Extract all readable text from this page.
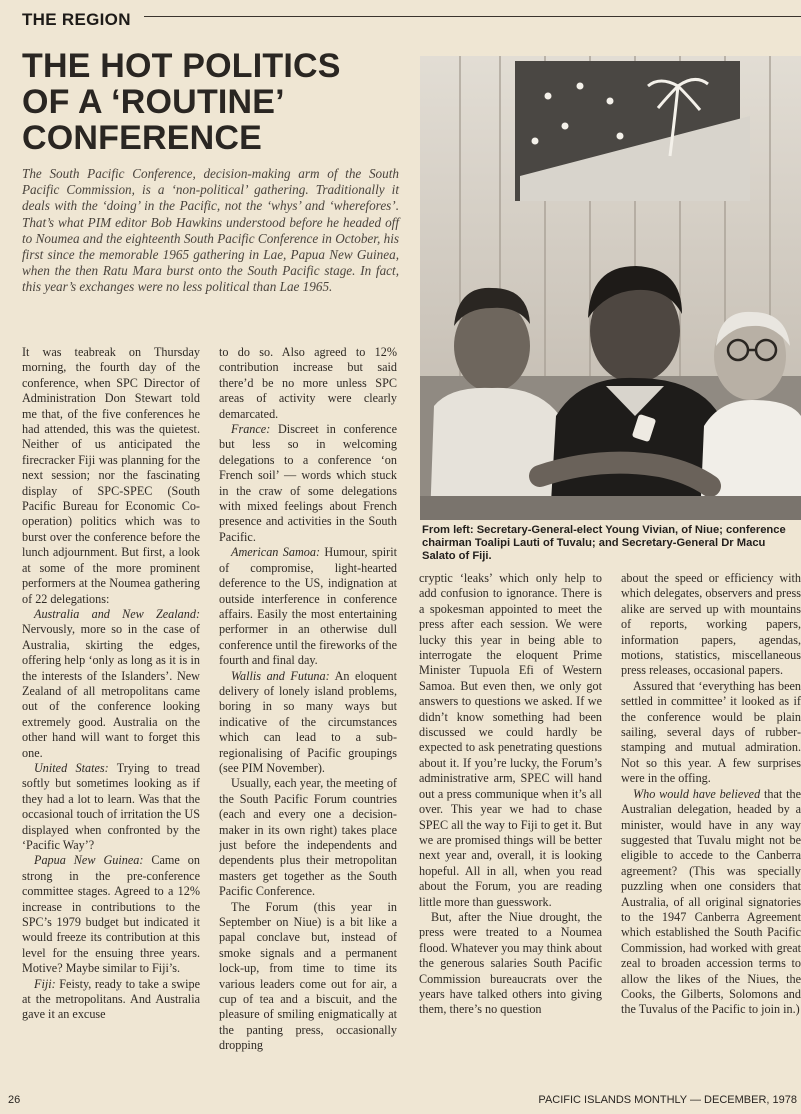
THE REGION
THE HOT POLITICS
OF A ‘ROUTINE’
CONFERENCE
The South Pacific Conference, decision-making arm of the South Pacific Commission, is a ‘non-political’ gathering. Traditionally it deals with the ‘doing’ in the Pacific, not the ‘whys’ and ‘wherefores’. That’s what PIM editor Bob Hawkins understood before he headed off to Noumea and the eighteenth South Pacific Conference in October, his first since the memorable 1965 gathering in Lae, Papua New Guinea, when the then Ratu Mara burst onto the South Pacific stage. In fact, this year’s exchanges were no less political than Lae 1965.
From left: Secretary-General-elect Young Vivian, of Niue; conference chairman Toalipi Lauti of Tuvalu; and Secretary-General Dr Macu Salato of Fiji.

It was teabreak on Thursday morning, the fourth day of the conference, when SPC Director of Administration Don Stewart told me that, of the five conferences he had attended, this was the quietest. Neither of us anticipated the firecracker Fiji was planning for the next session; nor the fascinating display of SPC-SPEC (South Pacific Bureau for Economic Co-operation) politics which was to burst over the conference before the lunch adjournment. But first, a look at some of the more prominent performers at the Noumea gathering of 22 delegations:

Australia and New Zealand: Nervously, more so in the case of Australia, skirting the edges, offering help ‘only as long as it is in the interests of the Islanders’. New Zealand of all metropolitans came out of the conference looking extremely good. Australia on the other hand will want to forget this one.

United States: Trying to tread softly but sometimes looking as if they had a lot to learn. Was that the occasional touch of irritation the US displayed when confronted by the ‘Pacific Way’?

Papua New Guinea: Came on strong in the pre-conference committee stages. Agreed to a 12% increase in contributions to the SPC’s 1979 budget but indicated it would freeze its contribution at this level for the ensuing three years. Motive? Maybe similar to Fiji’s.

Fiji: Feisty, ready to take a swipe at the metropolitans. And Australia gave it an excuse

to do so. Also agreed to 12% contribution increase but said there’d be no more unless SPC areas of activity were clearly demarcated.

France: Discreet in conference but less so in welcoming delegations to a conference ‘on French soil’ — words which stuck in the craw of some delegations with mixed feelings about French presence and activities in the South Pacific.

American Samoa: Humour, spirit of compromise, light-hearted deference to the US, indignation at outside interference in conference affairs. Easily the most entertaining performer in an otherwise dull conference until the fireworks of the fourth and final day.

Wallis and Futuna: An eloquent delivery of lonely island problems, boring in so many ways but indicative of the circumstances which can lead to a sub-regionalising of Pacific groupings (see PIM November).

Usually, each year, the meeting of the South Pacific Forum countries (each and every one a decision-maker in its own right) takes place just before the independents and dependents plus their metropolitan masters get together as the South Pacific Conference.

The Forum (this year in September on Niue) is a bit like a papal conclave but, instead of smoke signals and a permanent lock-up, from time to time its various leaders come out for air, a cup of tea and a biscuit, and the pleasure of smiling enigmatically at the panting press, occasionally dropping

cryptic ‘leaks’ which only help to add confusion to ignorance. There is a spokesman appointed to meet the press after each session. We were lucky this year in being able to interrogate the eloquent Prime Minister Tupuola Efi of Western Samoa. But even then, we only got answers to questions we asked. If we didn’t know something had been discussed we could hardly be expected to ask penetrating questions about it. If you’re lucky, the Forum’s administrative arm, SPEC will hand out a press communique when it’s all over. This year we had to chase SPEC all the way to Fiji to get it. But we are promised things will be better next year and, overall, it is looking hopeful. All in all, when you read about the Forum, you are reading little more than guesswork.

But, after the Niue drought, the press were treated to a Noumea flood. Whatever you may think about the generous salaries South Pacific Commission bureaucrats over the years have talked others into giving them, there’s no question

about the speed or efficiency with which delegates, observers and press alike are served up with mountains of reports, working papers, information papers, agendas, motions, statistics, miscellaneous press releases, occasional papers.

Assured that ‘everything has been settled in committee’ it looked as if the conference would be plain sailing, several days of rubber-stamping and mutual admiration. Not so this year. A few surprises were in the offing.

Who would have believed that the Australian delegation, headed by a minister, would have in any way suggested that Tuvalu might not be eligible to accede to the Canberra agreement? (This was specially puzzling when one considers that Australia, of all original signatories to the 1947 Canberra Agreement which established the South Pacific Commission, had worked with great zeal to broaden accession terms to allow the likes of the Niues, the Cooks, the Gilberts, Solomons and the Tuvalus of the Pacific to join in.)

26	PACIFIC ISLANDS MONTHLY — DECEMBER, 1978
